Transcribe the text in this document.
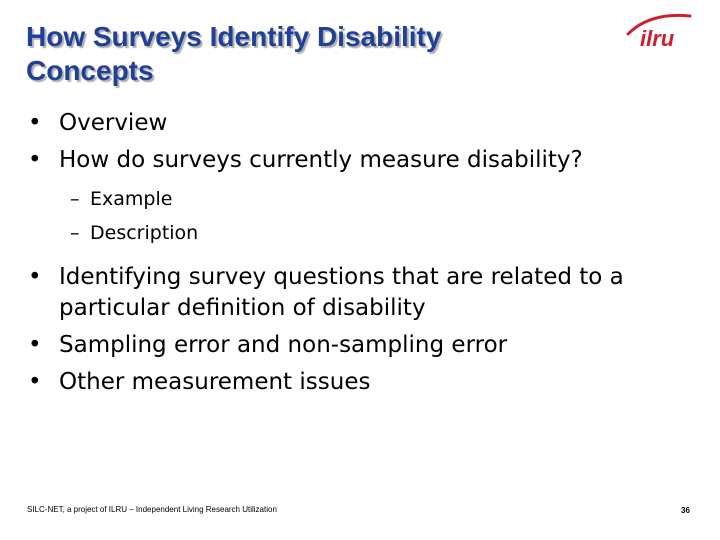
How Surveys Identify Disability
Concepts
ilru

• Overview

• How do surveys currently measure disability?

– Example

– Description

• Identifying survey questions that are related to a particular definition of disability

• Sampling error and non-sampling error

• Other measurement issues

SILC-NET, a project of ILRU – Independent Living Research Utilization	36
